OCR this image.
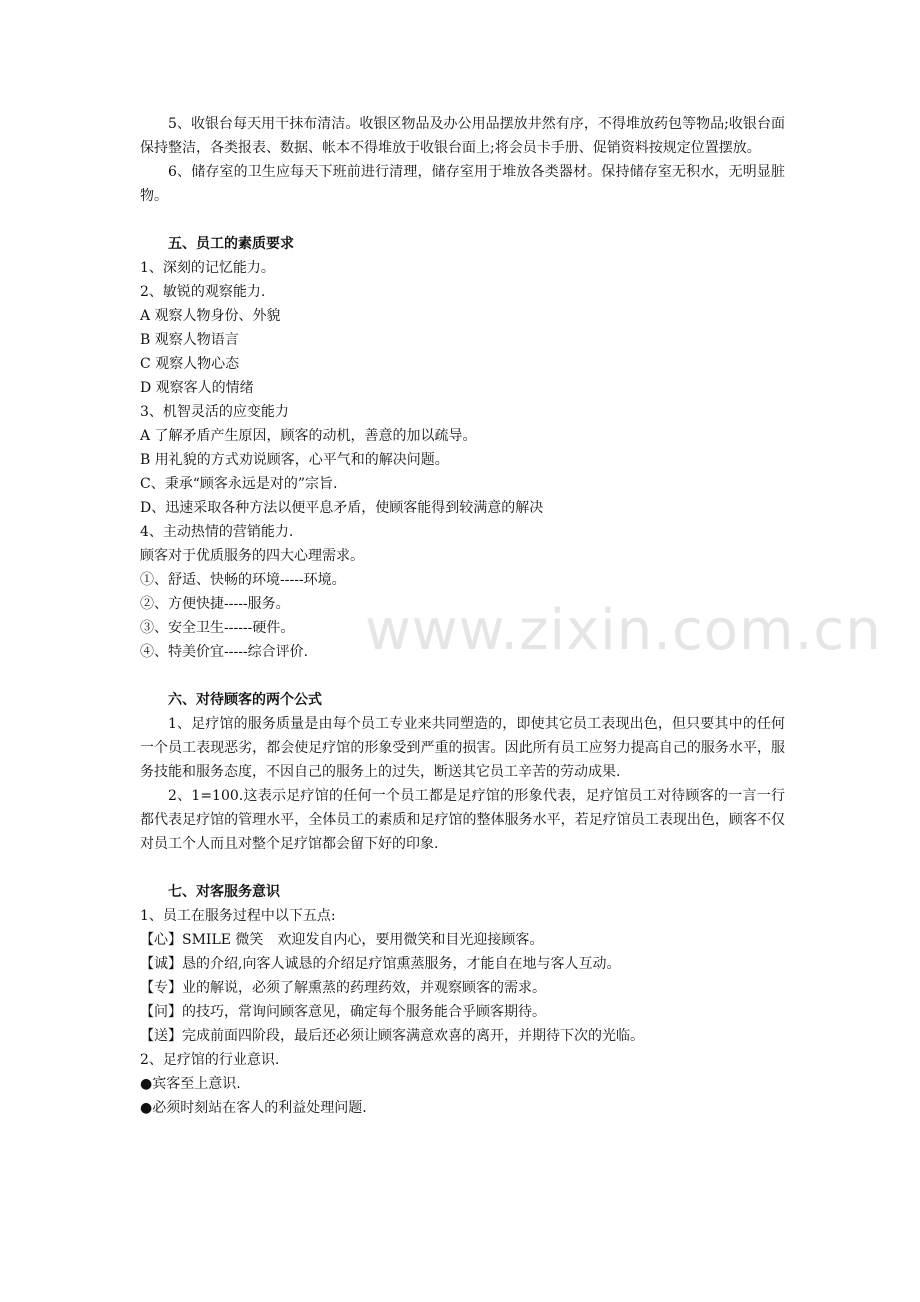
5、收银台每天用干抹布清洁。收银区物品及办公用品摆放井然有序，不得堆放药包等物品;收银台面保持整洁，各类报表、数据、帐本不得堆放于收银台面上;将会员卡手册、促销资料按规定位置摆放。

6、储存室的卫生应每天下班前进行清理，储存室用于堆放各类器材。保持储存室无积水，无明显脏物。

五、员工的素质要求

1、深刻的记忆能力。

2、敏锐的观察能力.

A 观察人物身份、外貌

B 观察人物语言

C 观察人物心态

D 观察客人的情绪

3、机智灵活的应变能力

A 了解矛盾产生原因，顾客的动机，善意的加以疏导。

B 用礼貌的方式劝说顾客，心平气和的解决问题。

C、秉承“顾客永远是对的”宗旨.

D、迅速采取各种方法以便平息矛盾，使顾客能得到较满意的解决

4、主动热情的营销能力.

顾客对于优质服务的四大心理需求。

①、舒适、快畅的环境-----环境。

②、方便快捷-----服务。

③、安全卫生------硬件。

④、特美价宜-----综合评价.

六、对待顾客的两个公式

1、足疗馆的服务质量是由每个员工专业来共同塑造的，即使其它员工表现出色，但只要其中的任何一个员工表现恶劣，都会使足疗馆的形象受到严重的损害。因此所有员工应努力提高自己的服务水平，服务技能和服务态度，不因自己的服务上的过失，断送其它员工辛苦的劳动成果.

2、1=100.这表示足疗馆的任何一个员工都是足疗馆的形象代表，足疗馆员工对待顾客的一言一行都代表足疗馆的管理水平，全体员工的素质和足疗馆的整体服务水平，若足疗馆员工表现出色，顾客不仅对员工个人而且对整个足疗馆都会留下好的印象.

七、对客服务意识

1、员工在服务过程中以下五点:

【心】SMILE 微笑　欢迎发自内心，要用微笑和目光迎接顾客。

【诚】恳的介绍,向客人诚恳的介绍足疗馆熏蒸服务，才能自在地与客人互动。

【专】业的解说，必须了解熏蒸的药理药效，并观察顾客的需求。

【问】的技巧，常询问顾客意见，确定每个服务能合乎顾客期待。

【送】完成前面四阶段，最后还必须让顾客满意欢喜的离开，并期待下次的光临。

2、足疗馆的行业意识.

●宾客至上意识.

●必须时刻站在客人的利益处理问题.

www.zixin.com.cn
